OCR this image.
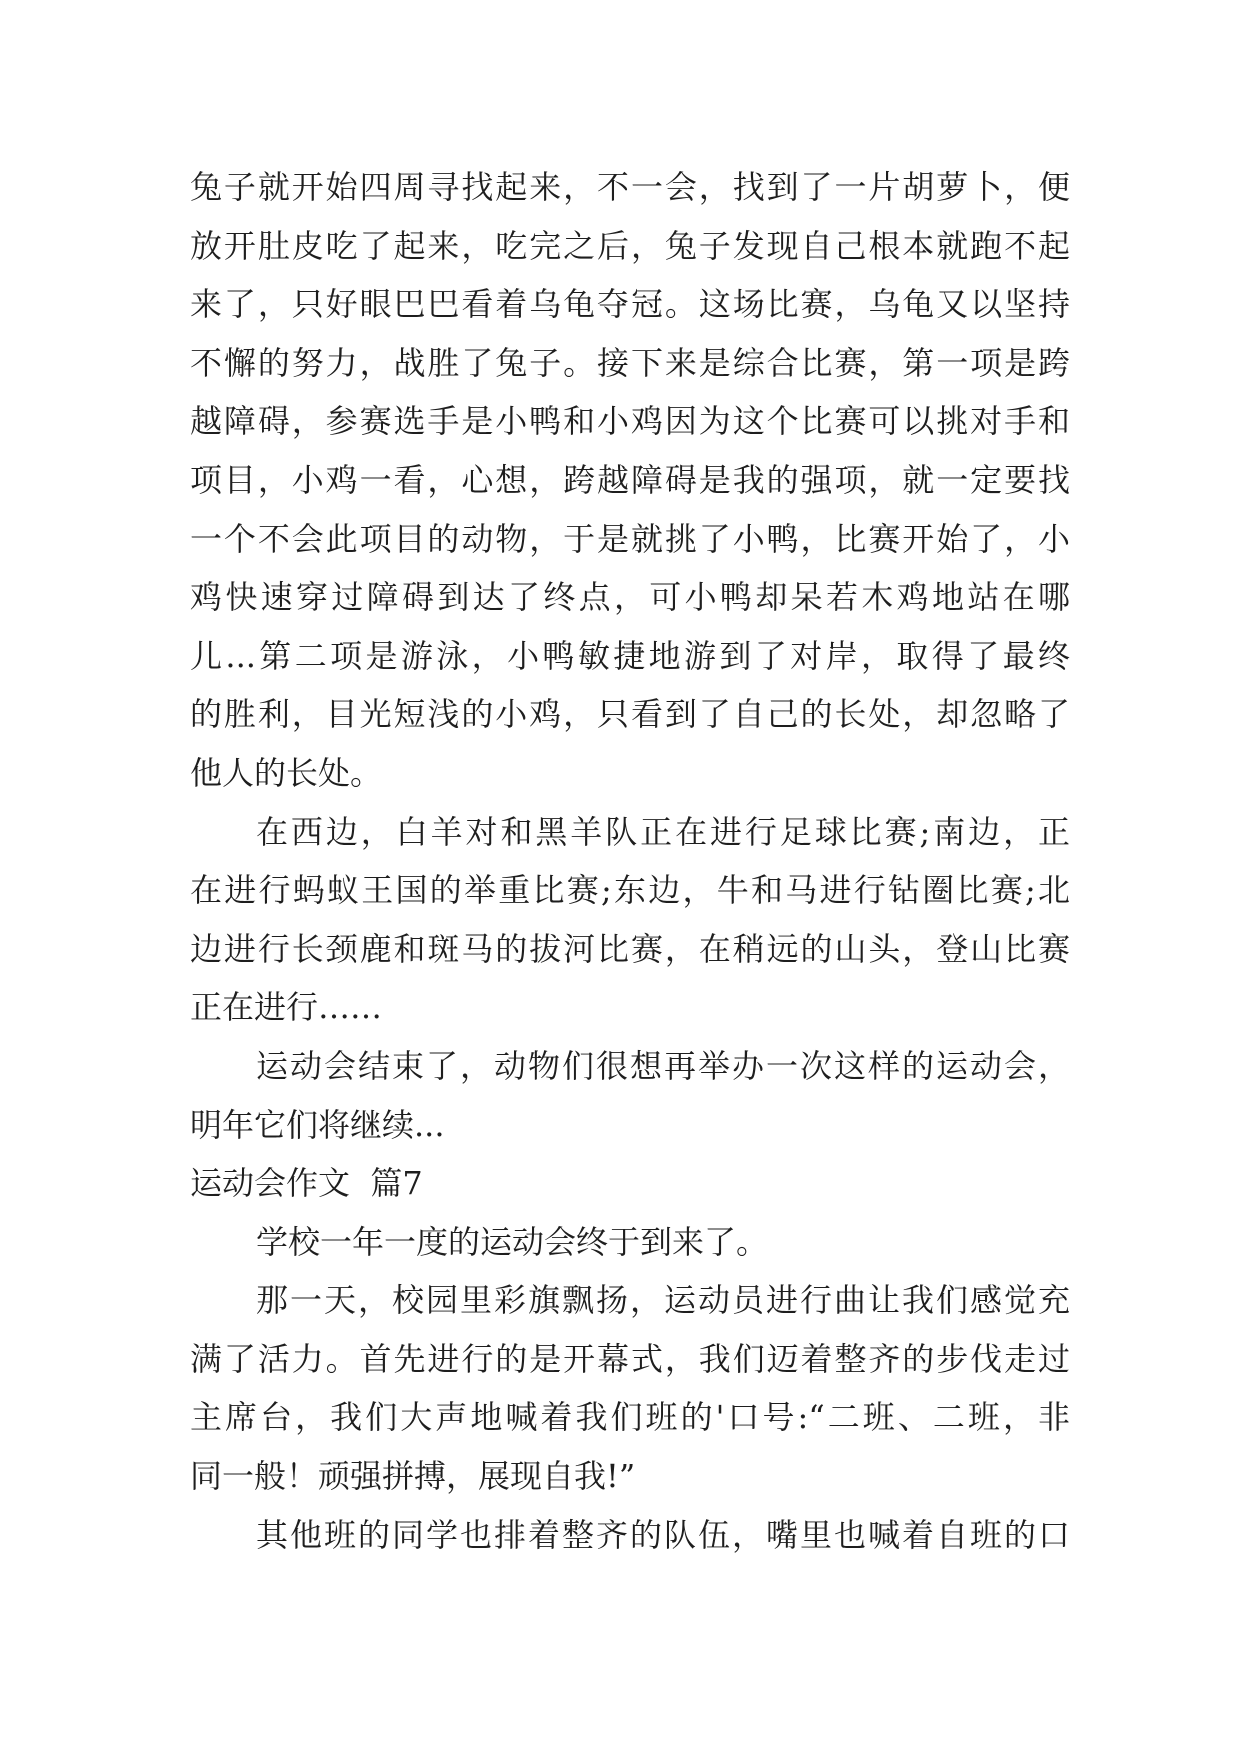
兔子就开始四周寻找起来，不一会，找到了一片胡萝卜，便
放开肚皮吃了起来，吃完之后，兔子发现自己根本就跑不起
来了，只好眼巴巴看着乌龟夺冠。这场比赛，乌龟又以坚持
不懈的努力，战胜了兔子。接下来是综合比赛，第一项是跨
越障碍，参赛选手是小鸭和小鸡因为这个比赛可以挑对手和
项目，小鸡一看，心想，跨越障碍是我的强项，就一定要找
一个不会此项目的动物，于是就挑了小鸭，比赛开始了，小
鸡快速穿过障碍到达了终点，可小鸭却呆若木鸡地站在哪
儿...第二项是游泳，小鸭敏捷地游到了对岸，取得了最终
的胜利，目光短浅的小鸡，只看到了自己的长处，却忽略了
他人的长处。
在西边，白羊对和黑羊队正在进行足球比赛;南边，正
在进行蚂蚁王国的举重比赛;东边，牛和马进行钻圈比赛;北
边进行长颈鹿和斑马的拔河比赛，在稍远的山头，登山比赛
正在进行……
运动会结束了，动物们很想再举办一次这样的运动会，
明年它们将继续...
运动会作文  篇7
学校一年一度的运动会终于到来了。
那一天，校园里彩旗飘扬，运动员进行曲让我们感觉充
满了活力。首先进行的是开幕式，我们迈着整齐的步伐走过
主席台，我们大声地喊着我们班的'口号:“二班、二班，非
同一般！顽强拼搏，展现自我!”
其他班的同学也排着整齐的队伍，嘴里也喊着自班的口
